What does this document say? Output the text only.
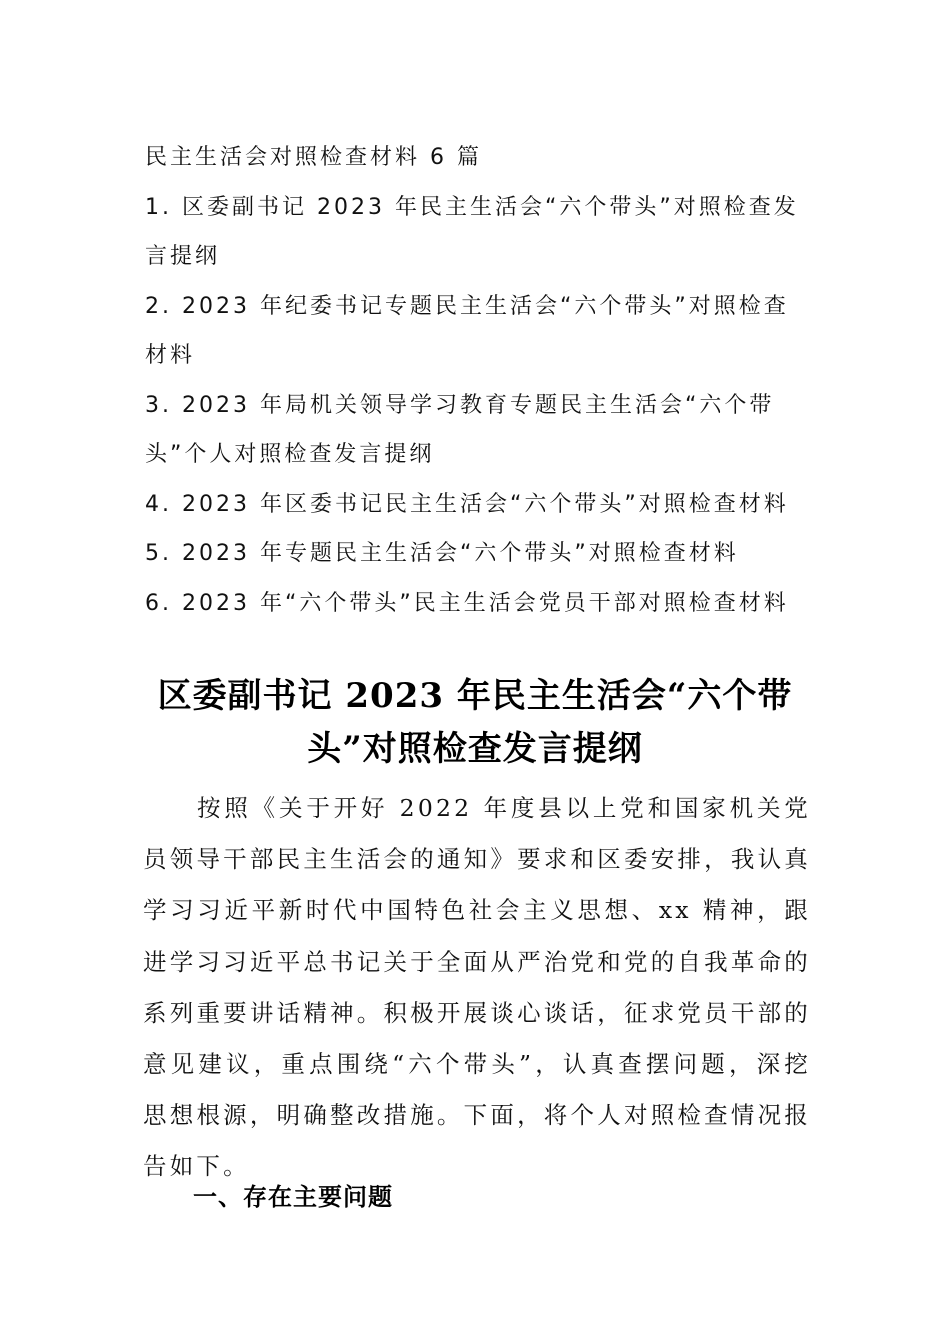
民主生活会对照检查材料 6 篇
1. 区委副书记 2023 年民主生活会“六个带头”对照检查发
言提纲
2. 2023 年纪委书记专题民主生活会“六个带头”对照检查
材料
3. 2023 年局机关领导学习教育专题民主生活会“六个带
头”个人对照检查发言提纲
4. 2023 年区委书记民主生活会“六个带头”对照检查材料
5. 2023 年专题民主生活会“六个带头”对照检查材料
6. 2023 年“六个带头”民主生活会党员干部对照检查材料
区委副书记 2023 年民主生活会“六个带
头”对照检查发言提纲
按照《关于开好 2022 年度县以上党和国家机关党员领导干部民主生活会的通知》要求和区委安排，我认真学习习近平新时代中国特色社会主义思想、xx 精神，跟进学习习近平总书记关于全面从严治党和党的自我革命的系列重要讲话精神。积极开展谈心谈话，征求党员干部的意见建议，重点围绕“六个带头”，认真查摆问题，深挖思想根源，明确整改措施。下面，将个人对照检查情况报告如下。
一、存在主要问题
